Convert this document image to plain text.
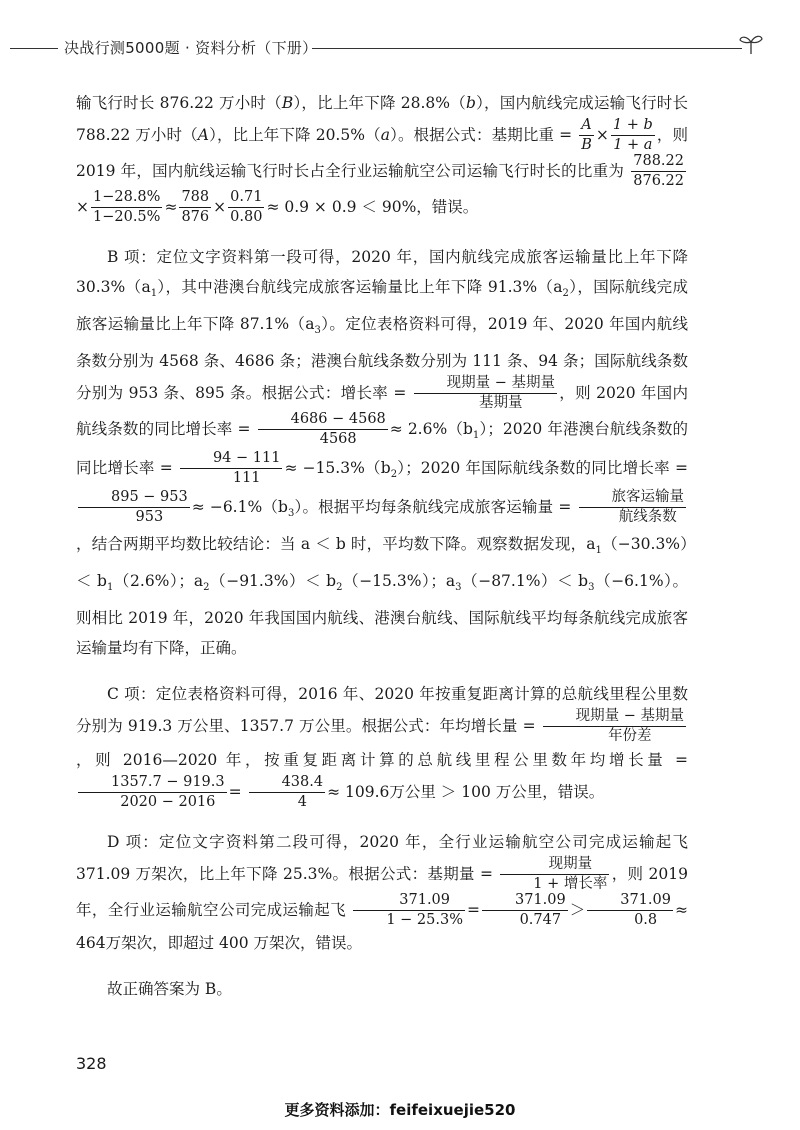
决战行测5000题 · 资料分析（下册）

输飞行时长 876.22 万小时（B），比上年下降 28.8%（b），国内航线完成运输飞行时长 788.22 万小时（A），比上年下降 20.5%（a）。根据公式：基期比重 = $\frac{A}{B} \times \frac{1 + b}{1 + a}$ ，则 2019 年，国内航线运输飞行时长占全行业运输航空公司运输飞行时长的比重为 $\frac{788.22}{876.22}$
× $\frac{1-28.8\%}{1-20.5\%} \approx \frac{788}{876} \times \frac{0.71}{0.80} \approx 0.9 \times 0.9 < 90\%$，错误。

B 项：定位文字资料第一段可得，2020 年，国内航线完成旅客运输量比上年下降 $30.3\%(a_1)$，其中港澳台航线完成旅客运输量比上年下降 $91.3\%(a_2)$，国际航线完成旅客运输量比上年下降 $87.1\%(a_3)$。定位表格资料可得，2019 年、2020 年国内航线条数分别为 4568 条、4686 条；港澳台航线条数分别为 111 条、94 条；国际航线条数分别为 953 条、895 条。根据公式：增长率 = $\frac{\text{现期量 − 基期量}}{\text{基期量}}$ ，则 2020 年国内航线条数的同比增长率 = $\frac{4686 - 4568}{4568} \approx 2.6\%(b_1)$；2020 年港澳台航线条数的同比增长率 = $\frac{94 - 111}{111} \approx -15.3\%(b_2)$；2020 年国际航线条数的同比增长率 =
$\frac{895 - 953}{953} \approx -6.1\%(b_3)$。根据平均每条航线完成旅客运输量 = $\frac{\text{旅客运输量}}{\text{航线条数}}$
，结合两期平均数比较结论：当 a ＜ b 时，平均数下降。观察数据发现，$a_1(-30.3\%)< b_1(2.6\%)$；$a_2(-91.3\%)< b_2(-15.3\%)$；$a_3(-87.1\%)< b_3(-6.1\%)$。则相比 2019 年，2020 年我国国内航线、港澳台航线、国际航线平均每条航线完成旅客运输量均有下降，正确。

C 项：定位表格资料可得，2016 年、2020 年按重复距离计算的总航线里程公里数分别为 919.3 万公里、1357.7 万公里。根据公式：年均增长量 = $\frac{\text{现期量 − 基期量}}{\text{年份差}}$
，则 2016—2020 年，按重复距离计算的总航线里程公里数年均增长量 =
$\frac{1357.7 - 919.3}{2020 - 2016} = \frac{438.4}{4} \approx 109.6$万公里 ＞ 100 万公里，错误。

D 项：定位文字资料第二段可得，2020 年，全行业运输航空公司完成运输起飞 371.09 万架次，比上年下降 25.3%。根据公式：基期量 = $\frac{\text{现期量}}{\text{1 + 增长率}}$ ，则 2019 年，全行业运输航空公司完成运输起飞 $\frac{371.09}{1 - 25.3\%} = \frac{371.09}{0.747} > \frac{371.09}{0.8} \approx 464$万架次，即超过 400 万架次，错误。

故正确答案为 B。

328
更多资料添加：feifeixuejie520
